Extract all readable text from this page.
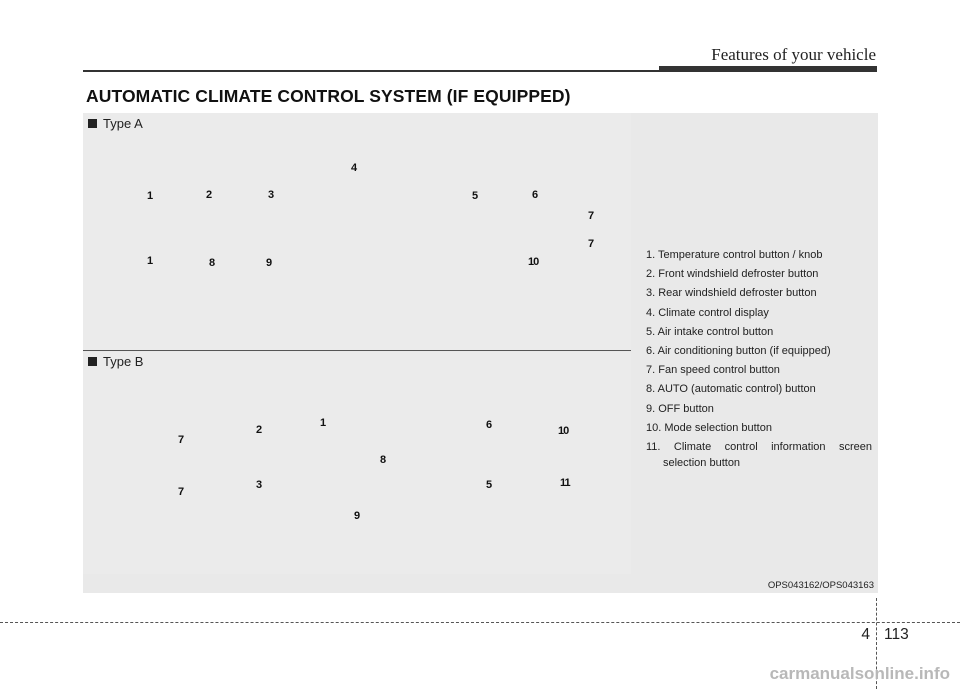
Features of your vehicle
AUTOMATIC CLIMATE CONTROL SYSTEM (IF EQUIPPED)
Type A
Type B
1	2	3
4
5	6
7
7
1	8	9	10
7
2
1	6	10
8
7
3	5	11
9
1. Temperature control button / knob
2. Front windshield defroster button
3. Rear windshield defroster button
4. Climate control display
5. Air intake control button
6. Air conditioning button (if equipped)
7. Fan speed control button
8. AUTO (automatic control) button
9. OFF button
10. Mode selection button
11. Climate control information screen
selection button
OPS043162/OPS043163
4 113
carmanualsonline.info
